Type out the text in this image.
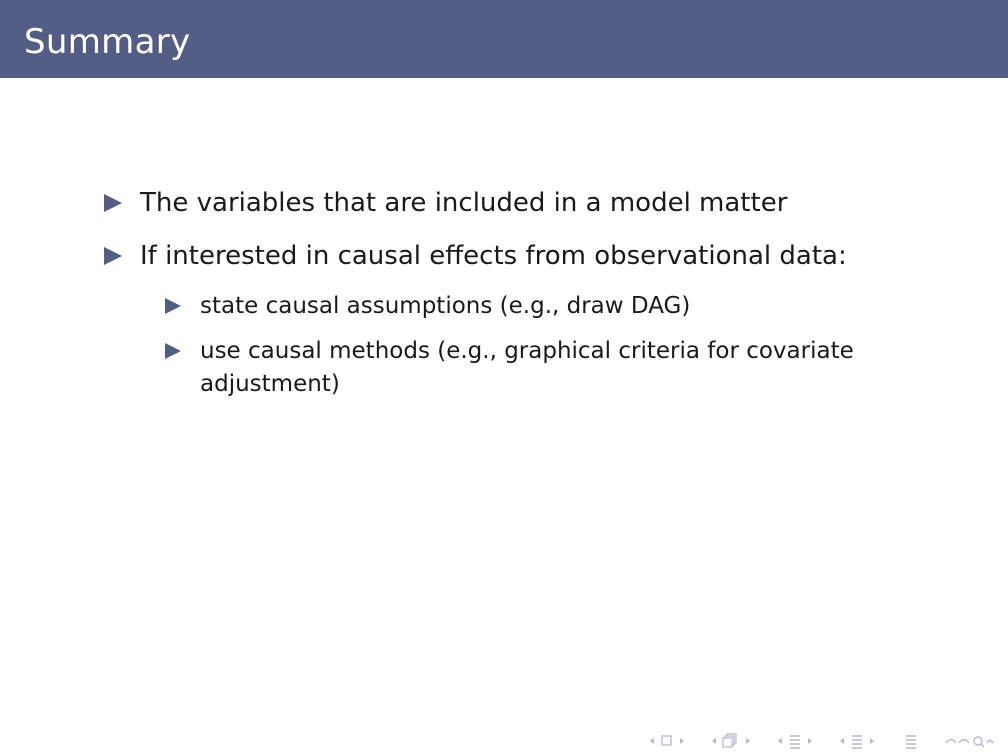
Summary
The variables that are included in a model matter
If interested in causal effects from observational data:
state causal assumptions (e.g., draw DAG)
use causal methods (e.g., graphical criteria for covariate adjustment)
